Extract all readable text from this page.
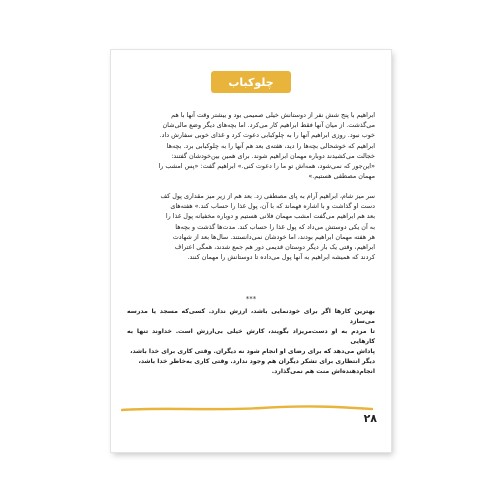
چلوکباب
ابراهیم با پنج شش نفر از دوستانش خیلی صمیمی بود و بیشتر وقت آنها با هم
می‌گذشت. از میان آنها فقط ابراهیم کار می‌کرد. اما بچه‌های دیگر وضع مالی‌شان
خوب نبود. روزی ابراهیم آنها را به چلوکبابی دعوت کرد و غذای خوبی سفارش داد.
ابراهیم که خوشحالی بچه‌ها را دید، هفته‌ی بعد هم آنها را به چلوکبابی برد. بچه‌ها
خجالت می‌کشیدند دوباره مهمان ابراهیم شوند. برای همین بین‌خودشان گفتند:
«این‌جور که نمی‌شود، همه‌اش تو ما را دعوت کنی.» ابراهیم گفت: «پس امشب را
مهمان مصطفی هستیم.»
سر میز شام، ابراهیم آرام به پای مصطفی زد. بعد هم از زیر میز مقداری پول کف
دست او گذاشت و با اشاره فهماند که با آن، پول غذا را حساب کند.» هفته‌های
بعد هم ابراهیم می‌گفت امشب مهمان فلانی هستیم و دوباره مخفیانه پول غذا را
به آن یکی دوستش می‌داد که پول غذا را حساب کند. مدت‌ها گذشت و بچه‌ها
هر هفته مهمان ابراهیم بودند، اما خودشان نمی‌دانستند. سال‌ها بعد از شهادت
ابراهیم، وقتی یک بار دیگر دوستان قدیمی دور هم جمع شدند، همگی اعتراف
کردند که همیشه ابراهیم به آنها پول می‌داده تا دوستانش را مهمان کنند.
***
بهترین کارها اگر برای خودنمایی باشد، ارزش ندارد. کسی‌که مسجد یا مدرسه می‌سازد
تا مردم به او دست‌مریزاد بگویند، کارش خیلی بی‌ارزش است. خداوند تنها به کارهایی
پاداش می‌دهد که برای رضای او انجام شود نه دیگران. وقتی کاری برای خدا باشد،
دیگر انتظاری برای تشکر دیگران هم وجود ندارد. وقتی کاری به‌خاطر خدا باشد،
انجام‌دهنده‌اش منت هم نمی‌گذارد.
۲۸
